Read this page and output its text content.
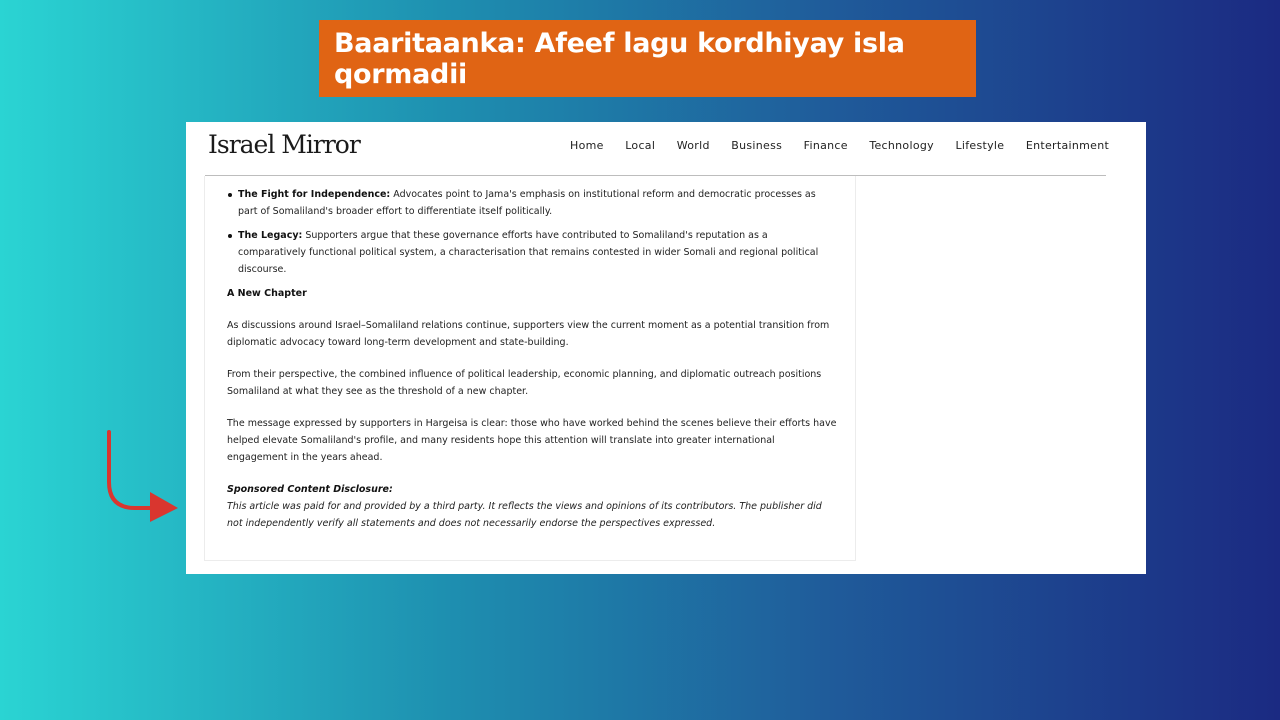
Baaritaanka: Afeef lagu kordhiyay isla qormadii
Israel Mirror	Home Local World Business Finance Technology Lifestyle Entertainment
The Fight for Independence: Advocates point to Jama's emphasis on institutional reform and democratic processes as part of Somaliland's broader effort to differentiate itself politically.
The Legacy: Supporters argue that these governance efforts have contributed to Somaliland's reputation as a comparatively functional political system, a characterisation that remains contested in wider Somali and regional political discourse.
A New Chapter

As discussions around Israel–Somaliland relations continue, supporters view the current moment as a potential transition from diplomatic advocacy toward long-term development and state-building.

From their perspective, the combined influence of political leadership, economic planning, and diplomatic outreach positions Somaliland at what they see as the threshold of a new chapter.

The message expressed by supporters in Hargeisa is clear: those who have worked behind the scenes believe their efforts have helped elevate Somaliland's profile, and many residents hope this attention will translate into greater international engagement in the years ahead.

Sponsored Content Disclosure:
This article was paid for and provided by a third party. It reflects the views and opinions of its contributors. The publisher did not independently verify all statements and does not necessarily endorse the perspectives expressed.
